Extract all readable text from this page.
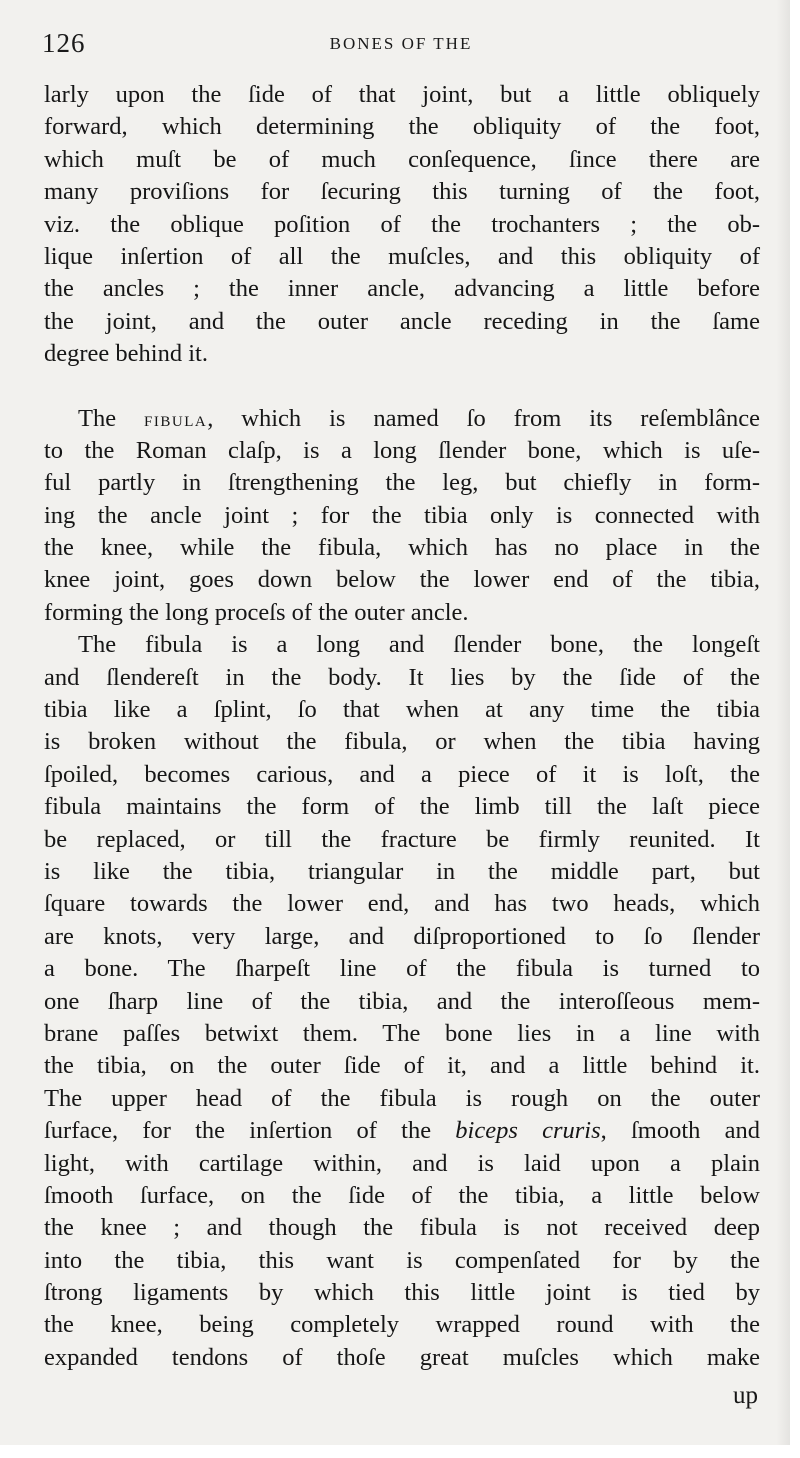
126	BONES OF THE
larly upon the ſide of that joint, but a little obliquely
forward, which determining the obliquity of the foot,
which muſt be of much conſequence, ſince there are
many proviſions for ſecuring this turning of the foot,
viz. the oblique poſition of the trochanters ; the ob-
lique inſertion of all the muſcles, and this obliquity of
the ancles ; the inner ancle, advancing a little before
the joint, and the outer ancle receding in the ſame
degree behind it.
The fibula, which is named ſo from its reſemblânce
to the Roman claſp, is a long ſlender bone, which is uſe-
ful partly in ſtrengthening the leg, but chiefly in form-
ing the ancle joint ; for the tibia only is connected with
the knee, while the fibula, which has no place in the
knee joint, goes down below the lower end of the tibia,
forming the long proceſs of the outer ancle.
The fibula is a long and ſlender bone, the longeſt
and ſlendereſt in the body. It lies by the ſide of the
tibia like a ſplint, ſo that when at any time the tibia
is broken without the fibula, or when the tibia having
ſpoiled, becomes carious, and a piece of it is loſt, the
fibula maintains the form of the limb till the laſt piece
be replaced, or till the fracture be firmly reunited. It
is like the tibia, triangular in the middle part, but
ſquare towards the lower end, and has two heads, which
are knots, very large, and diſproportioned to ſo ſlender
a bone. The ſharpeſt line of the fibula is turned to
one ſharp line of the tibia, and the interoſſeous mem-
brane paſſes betwixt them. The bone lies in a line with
the tibia, on the outer ſide of it, and a little behind it.
The upper head of the fibula is rough on the outer
ſurface, for the inſertion of the biceps cruris, ſmooth and
light, with cartilage within, and is laid upon a plain
ſmooth ſurface, on the ſide of the tibia, a little below
the knee ; and though the fibula is not received deep
into the tibia, this want is compenſated for by the
ſtrong ligaments by which this little joint is tied by
the knee, being completely wrapped round with the
expanded tendons of thoſe great muſcles which make
up
